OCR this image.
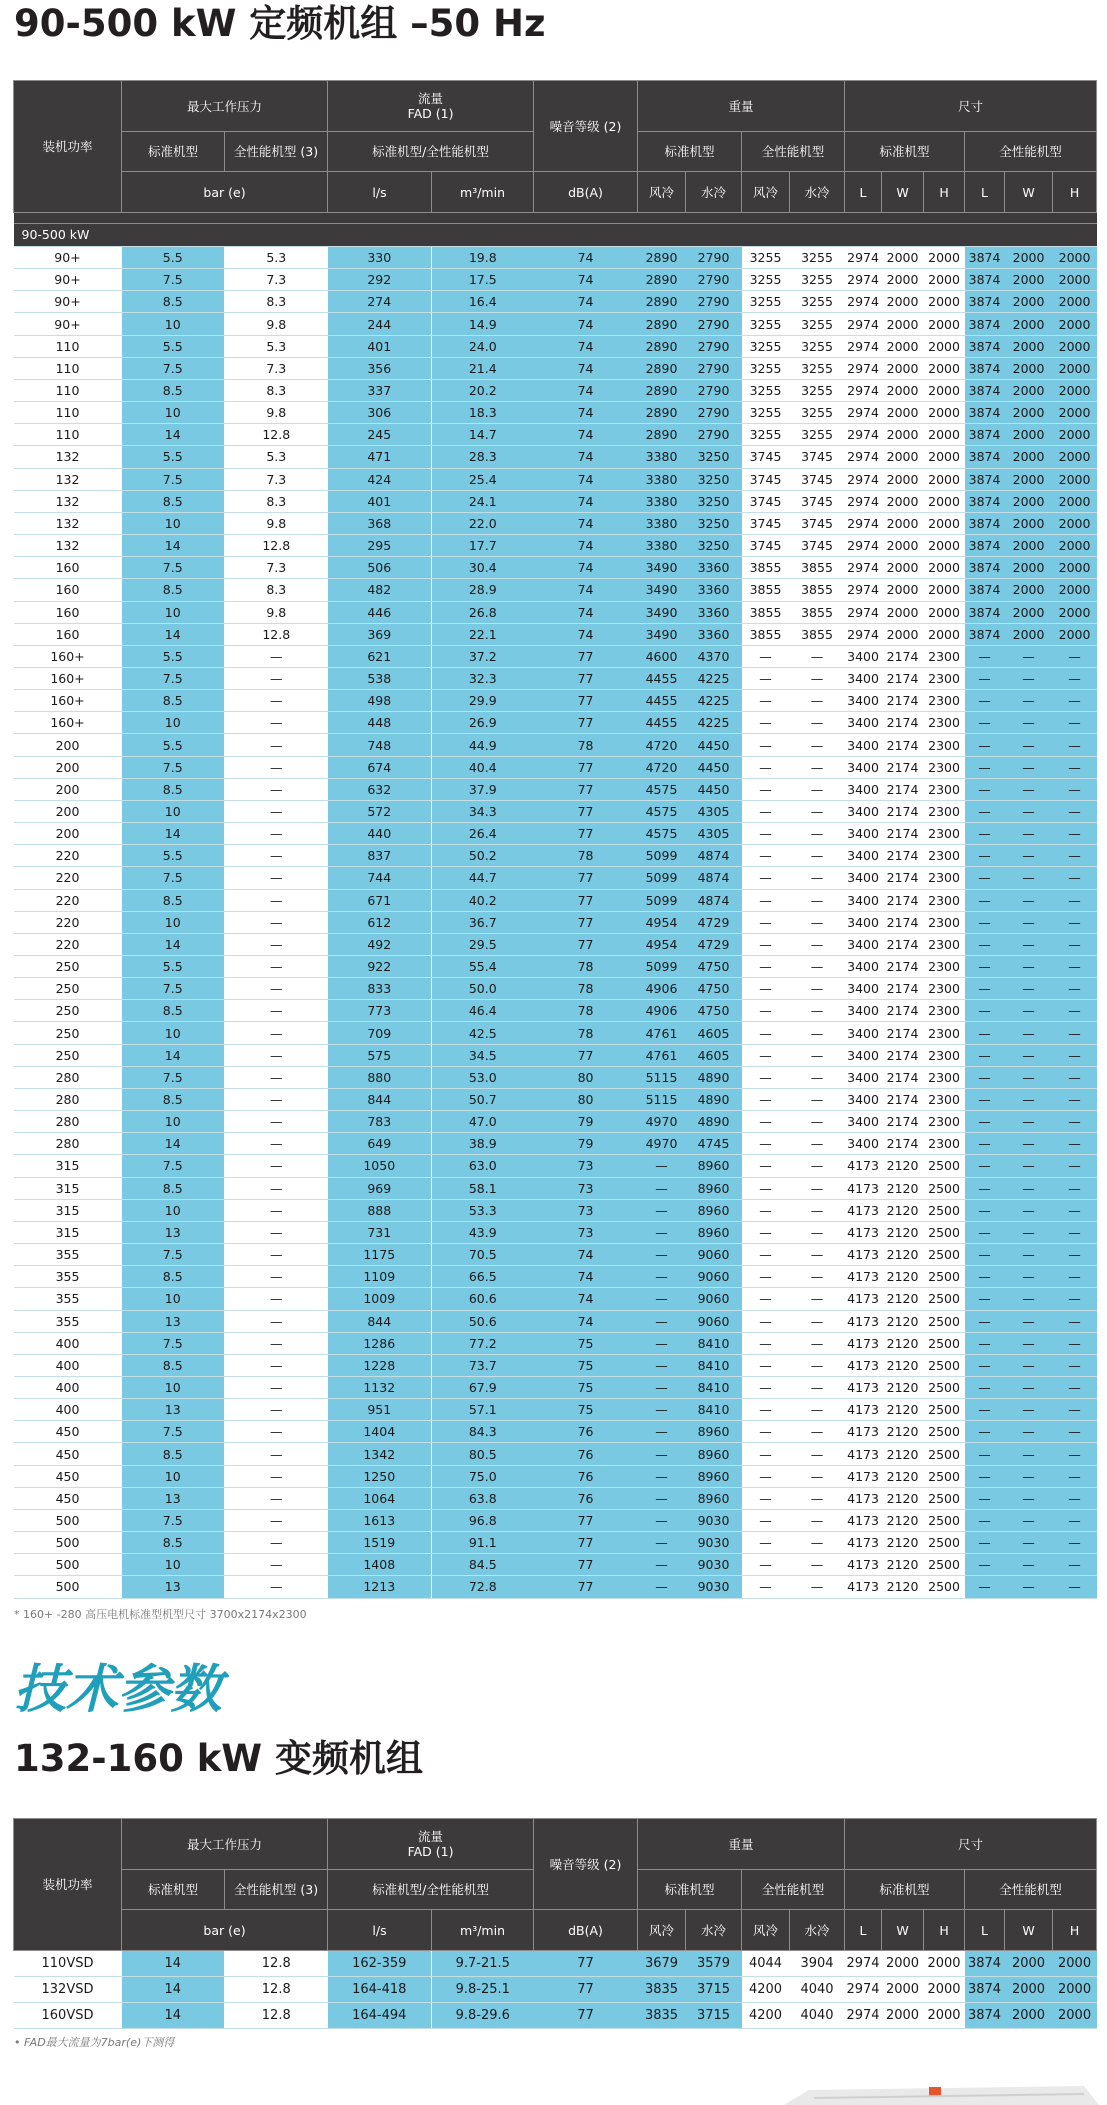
90-500 kW 定频机组 –50 Hz
装机功率	最大工作压力		流量
FAD (1)		噪音等级 (2)	重量				尺寸					
	标准机型	全性能机型 (3)	标准机型/全性能机型			标准机型		全性能机型		标准机型			全性能机型		
	bar (e)		l/s	m³/min	dB(A)	风冷	水冷	风冷	水冷	L	W	H	L	W	H

90-500 kW															
90+	5.5	5.3	330	19.8	74	2890	2790	3255	3255	2974	2000	2000	3874	2000	2000
90+	7.5	7.3	292	17.5	74	2890	2790	3255	3255	2974	2000	2000	3874	2000	2000
90+	8.5	8.3	274	16.4	74	2890	2790	3255	3255	2974	2000	2000	3874	2000	2000
90+	10	9.8	244	14.9	74	2890	2790	3255	3255	2974	2000	2000	3874	2000	2000
110	5.5	5.3	401	24.0	74	2890	2790	3255	3255	2974	2000	2000	3874	2000	2000
110	7.5	7.3	356	21.4	74	2890	2790	3255	3255	2974	2000	2000	3874	2000	2000
110	8.5	8.3	337	20.2	74	2890	2790	3255	3255	2974	2000	2000	3874	2000	2000
110	10	9.8	306	18.3	74	2890	2790	3255	3255	2974	2000	2000	3874	2000	2000
110	14	12.8	245	14.7	74	2890	2790	3255	3255	2974	2000	2000	3874	2000	2000
132	5.5	5.3	471	28.3	74	3380	3250	3745	3745	2974	2000	2000	3874	2000	2000
132	7.5	7.3	424	25.4	74	3380	3250	3745	3745	2974	2000	2000	3874	2000	2000
132	8.5	8.3	401	24.1	74	3380	3250	3745	3745	2974	2000	2000	3874	2000	2000
132	10	9.8	368	22.0	74	3380	3250	3745	3745	2974	2000	2000	3874	2000	2000
132	14	12.8	295	17.7	74	3380	3250	3745	3745	2974	2000	2000	3874	2000	2000
160	7.5	7.3	506	30.4	74	3490	3360	3855	3855	2974	2000	2000	3874	2000	2000
160	8.5	8.3	482	28.9	74	3490	3360	3855	3855	2974	2000	2000	3874	2000	2000
160	10	9.8	446	26.8	74	3490	3360	3855	3855	2974	2000	2000	3874	2000	2000
160	14	12.8	369	22.1	74	3490	3360	3855	3855	2974	2000	2000	3874	2000	2000
160+	5.5	—	621	37.2	77	4600	4370	—	—	3400	2174	2300	—	—	—
160+	7.5	—	538	32.3	77	4455	4225	—	—	3400	2174	2300	—	—	—
160+	8.5	—	498	29.9	77	4455	4225	—	—	3400	2174	2300	—	—	—
160+	10	—	448	26.9	77	4455	4225	—	—	3400	2174	2300	—	—	—
200	5.5	—	748	44.9	78	4720	4450	—	—	3400	2174	2300	—	—	—
200	7.5	—	674	40.4	77	4720	4450	—	—	3400	2174	2300	—	—	—
200	8.5	—	632	37.9	77	4575	4450	—	—	3400	2174	2300	—	—	—
200	10	—	572	34.3	77	4575	4305	—	—	3400	2174	2300	—	—	—
200	14	—	440	26.4	77	4575	4305	—	—	3400	2174	2300	—	—	—
220	5.5	—	837	50.2	78	5099	4874	—	—	3400	2174	2300	—	—	—
220	7.5	—	744	44.7	77	5099	4874	—	—	3400	2174	2300	—	—	—
220	8.5	—	671	40.2	77	5099	4874	—	—	3400	2174	2300	—	—	—
220	10	—	612	36.7	77	4954	4729	—	—	3400	2174	2300	—	—	—
220	14	—	492	29.5	77	4954	4729	—	—	3400	2174	2300	—	—	—
250	5.5	—	922	55.4	78	5099	4750	—	—	3400	2174	2300	—	—	—
250	7.5	—	833	50.0	78	4906	4750	—	—	3400	2174	2300	—	—	—
250	8.5	—	773	46.4	78	4906	4750	—	—	3400	2174	2300	—	—	—
250	10	—	709	42.5	78	4761	4605	—	—	3400	2174	2300	—	—	—
250	14	—	575	34.5	77	4761	4605	—	—	3400	2174	2300	—	—	—
280	7.5	—	880	53.0	80	5115	4890	—	—	3400	2174	2300	—	—	—
280	8.5	—	844	50.7	80	5115	4890	—	—	3400	2174	2300	—	—	—
280	10	—	783	47.0	79	4970	4890	—	—	3400	2174	2300	—	—	—
280	14	—	649	38.9	79	4970	4745	—	—	3400	2174	2300	—	—	—
315	7.5	—	1050	63.0	73	—	8960	—	—	4173	2120	2500	—	—	—
315	8.5	—	969	58.1	73	—	8960	—	—	4173	2120	2500	—	—	—
315	10	—	888	53.3	73	—	8960	—	—	4173	2120	2500	—	—	—
315	13	—	731	43.9	73	—	8960	—	—	4173	2120	2500	—	—	—
355	7.5	—	1175	70.5	74	—	9060	—	—	4173	2120	2500	—	—	—
355	8.5	—	1109	66.5	74	—	9060	—	—	4173	2120	2500	—	—	—
355	10	—	1009	60.6	74	—	9060	—	—	4173	2120	2500	—	—	—
355	13	—	844	50.6	74	—	9060	—	—	4173	2120	2500	—	—	—
400	7.5	—	1286	77.2	75	—	8410	—	—	4173	2120	2500	—	—	—
400	8.5	—	1228	73.7	75	—	8410	—	—	4173	2120	2500	—	—	—
400	10	—	1132	67.9	75	—	8410	—	—	4173	2120	2500	—	—	—
400	13	—	951	57.1	75	—	8410	—	—	4173	2120	2500	—	—	—
450	7.5	—	1404	84.3	76	—	8960	—	—	4173	2120	2500	—	—	—
450	8.5	—	1342	80.5	76	—	8960	—	—	4173	2120	2500	—	—	—
450	10	—	1250	75.0	76	—	8960	—	—	4173	2120	2500	—	—	—
450	13	—	1064	63.8	76	—	8960	—	—	4173	2120	2500	—	—	—
500	7.5	—	1613	96.8	77	—	9030	—	—	4173	2120	2500	—	—	—
500	8.5	—	1519	91.1	77	—	9030	—	—	4173	2120	2500	—	—	—
500	10	—	1408	84.5	77	—	9030	—	—	4173	2120	2500	—	—	—
500	13	—	1213	72.8	77	—	9030	—	—	4173	2120	2500	—	—	—

* 160+ -280 高压电机标准型机型尺寸 3700x2174x2300

技术参数
132-160 kW 变频机组
装机功率	最大工作压力		流量
FAD (1)		噪音等级 (2)	重量				尺寸					
	标准机型	全性能机型 (3)	标准机型/全性能机型			标准机型		全性能机型		标准机型			全性能机型		
	bar (e)		l/s	m³/min	dB(A)	风冷	水冷	风冷	水冷	L	W	H	L	W	H
110VSD	14	12.8	162-359	9.7-21.5	77	3679	3579	4044	3904	2974	2000	2000	3874	2000	2000
132VSD	14	12.8	164-418	9.8-25.1	77	3835	3715	4200	4040	2974	2000	2000	3874	2000	2000
160VSD	14	12.8	164-494	9.8-29.6	77	3835	3715	4200	4040	2974	2000	2000	3874	2000	2000

• FAD最大流量为7bar(e)下测得
